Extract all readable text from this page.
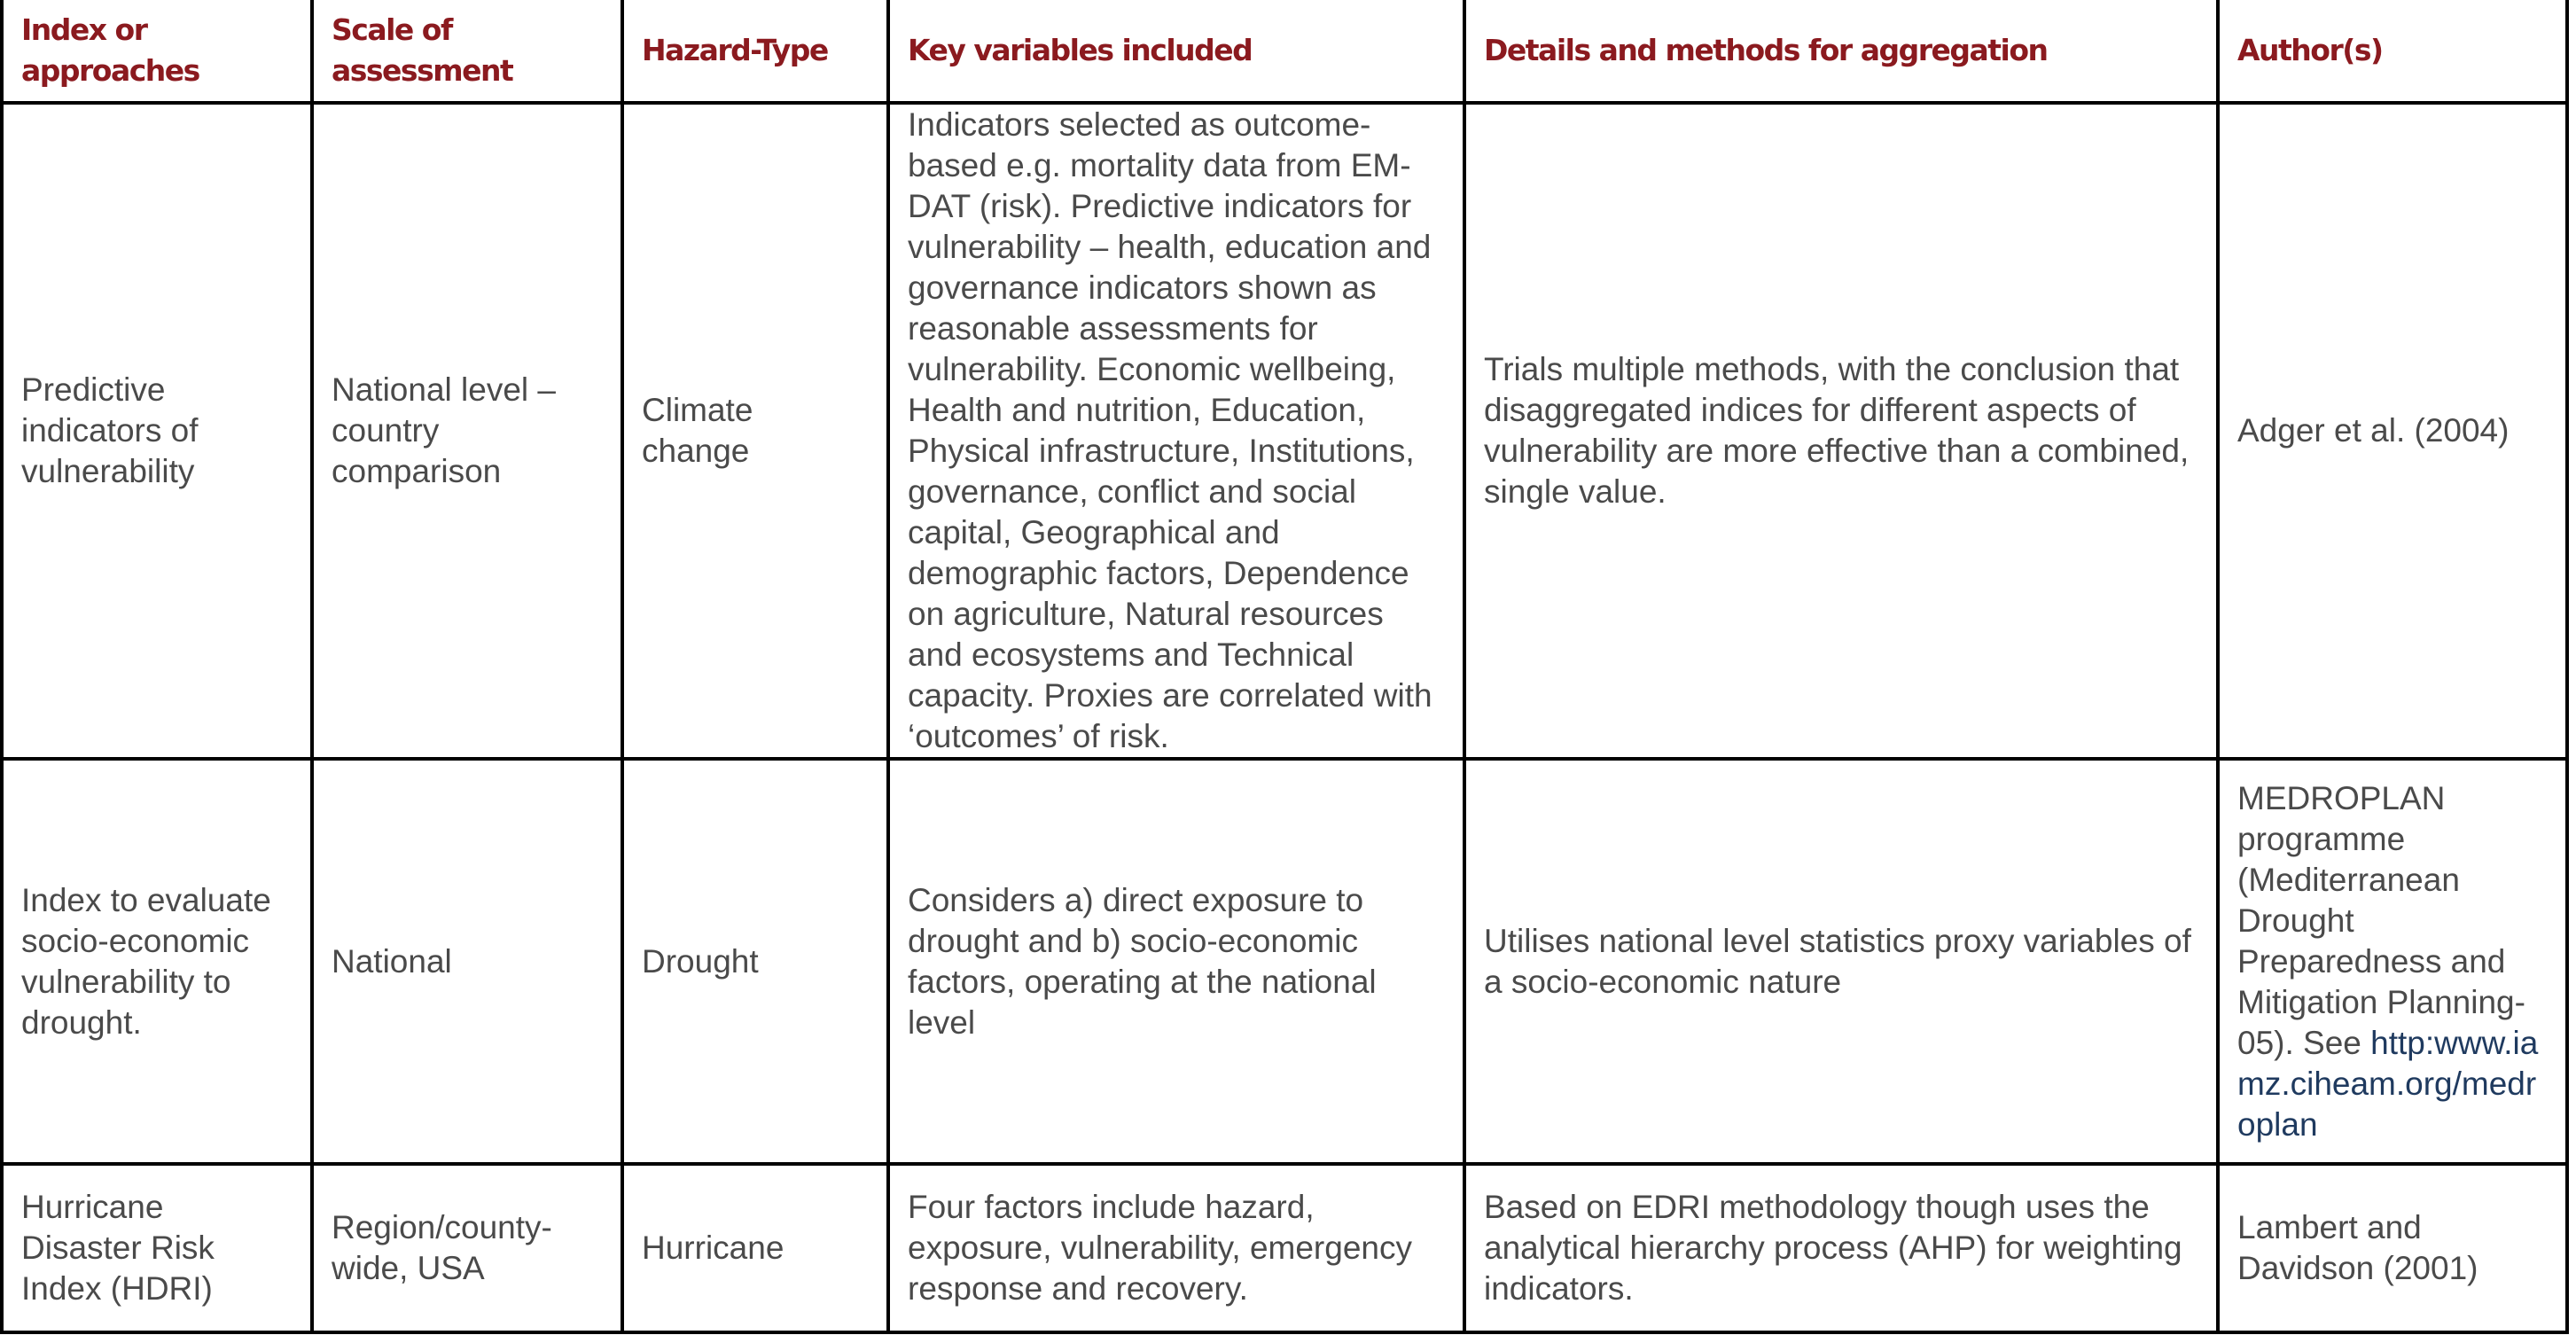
Index or approaches	Scale of assessment	Hazard-Type	Key variables included	Details and methods for aggregation	Author(s)
Predictive indicators of vulnerability	National level – country comparison	Climate change	Indicators selected as outcome-based e.g. mortality data from EM-DAT (risk). Predictive indicators for vulnerability – health, education and governance indicators shown as reasonable assessments for vulnerability. Economic wellbeing, Health and nutrition, Education, Physical infrastructure, Institutions, governance, conflict and social capital, Geographical and demographic factors, Dependence on agriculture, Natural resources and ecosystems and Technical capacity. Proxies are correlated with ‘outcomes’ of risk.	Trials multiple methods, with the conclusion that disaggregated indices for different aspects of vulnerability are more effective than a combined, single value.	Adger et al. (2004)
Index to evaluate socio-economic vulnerability to drought.	National	Drought	Considers a) direct exposure to drought and b) socio-economic factors, operating at the national level	Utilises national level statistics proxy variables of a socio-economic nature	MEDROPLAN programme (Mediterranean Drought Preparedness and Mitigation Planning-05). See http:www.iamz.ciheam.org/medroplan
Hurricane Disaster Risk Index (HDRI)	Region/county-wide, USA	Hurricane	Four factors include hazard, exposure, vulnerability, emergency response and recovery.	Based on EDRI methodology though uses the analytical hierarchy process (AHP) for weighting indicators.	Lambert and Davidson (2001)
